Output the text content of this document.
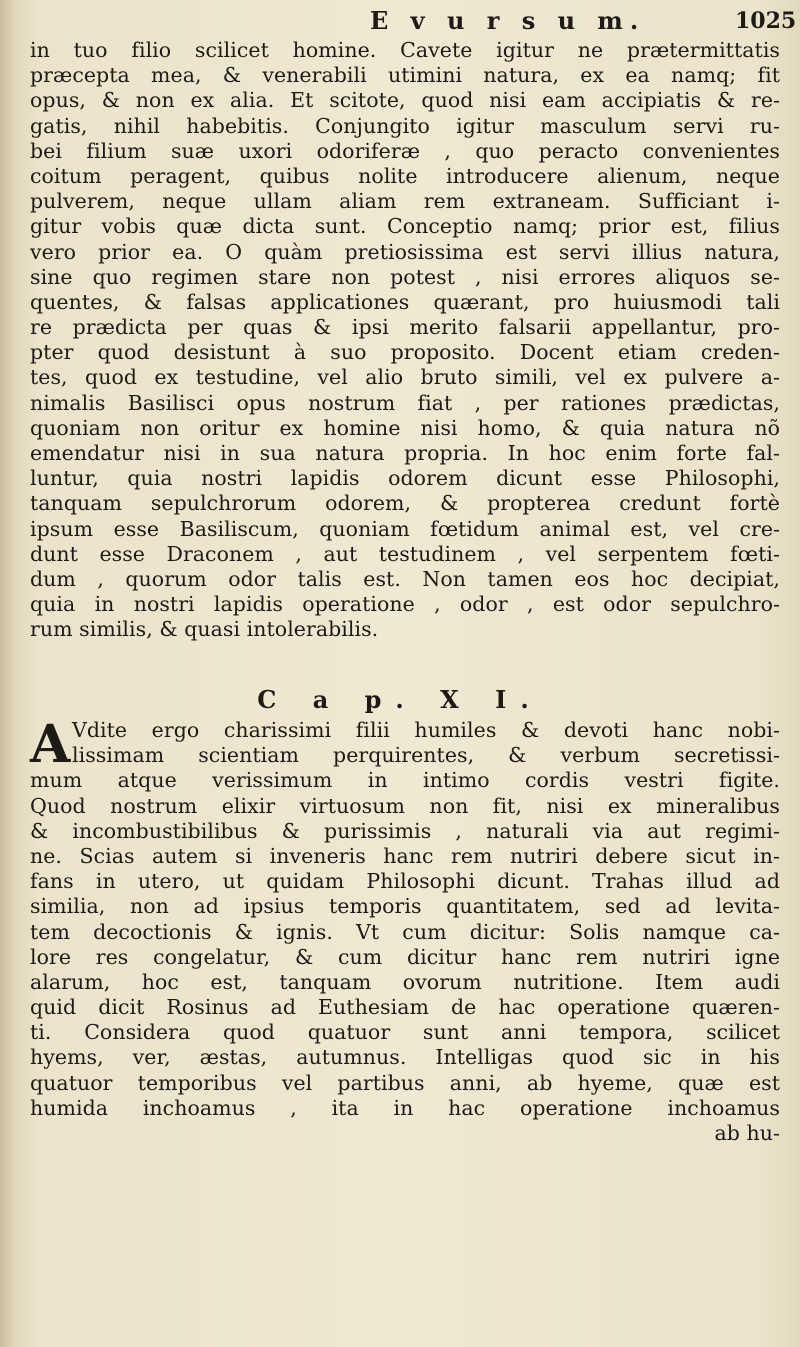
E v u r s u m.	1025
in tuo filio scilicet homine. Cavete igitur ne prætermittatis
præcepta mea, & venerabili utimini natura, ex ea namq; fit
opus, & non ex alia. Et scitote, quod nisi eam accipiatis & re-
gatis, nihil habebitis. Conjungito igitur masculum servi ru-
bei filium suæ uxori odoriferæ , quo peracto convenientes
coitum peragent, quibus nolite introducere alienum, neque
pulverem, neque ullam aliam rem extraneam. Sufficiant i-
gitur vobis quæ dicta sunt. Conceptio namq; prior est, filius
vero prior ea. O quàm pretiosissima est servi illius natura,
sine quo regimen stare non potest , nisi errores aliquos se-
quentes, & falsas applicationes quærant, pro huiusmodi tali
re prædicta per quas & ipsi merito falsarii appellantur, pro-
pter quod desistunt à suo proposito. Docent etiam creden-
tes, quod ex testudine, vel alio bruto simili, vel ex pulvere a-
nimalis Basilisci opus nostrum fiat , per rationes prædictas,
quoniam non oritur ex homine nisi homo, & quia natura nõ
emendatur nisi in sua natura propria. In hoc enim forte fal-
luntur, quia nostri lapidis odorem dicunt esse Philosophi,
tanquam sepulchrorum odorem, & propterea credunt fortè
ipsum esse Basiliscum, quoniam fœtidum animal est, vel cre-
dunt esse Draconem , aut testudinem , vel serpentem fœti-
dum , quorum odor talis est. Non tamen eos hoc decipiat,
quia in nostri lapidis operatione , odor , est odor sepulchro-
rum similis, & quasi intolerabilis.
C a p. X I.
A Vdite ergo charissimi filii humiles & devoti hanc nobi-
lissimam scientiam perquirentes, & verbum secretissi-
mum atque verissimum in intimo cordis vestri figite.
Quod nostrum elixir virtuosum non fit, nisi ex mineralibus
& incombustibilibus & purissimis , naturali via aut regimi-
ne. Scias autem si inveneris hanc rem nutriri debere sicut in-
fans in utero, ut quidam Philosophi dicunt. Trahas illud ad
similia, non ad ipsius temporis quantitatem, sed ad levita-
tem decoctionis & ignis. Vt cum dicitur: Solis namque ca-
lore res congelatur, & cum dicitur hanc rem nutriri igne
alarum, hoc est, tanquam ovorum nutritione. Item audi
quid dicit Rosinus ad Euthesiam de hac operatione quæren-
ti. Considera quod quatuor sunt anni tempora, scilicet
hyems, ver, æstas, autumnus. Intelligas quod sic in his
quatuor temporibus vel partibus anni, ab hyeme, quæ est
humida inchoamus , ita in hac operatione inchoamus
ab hu-
